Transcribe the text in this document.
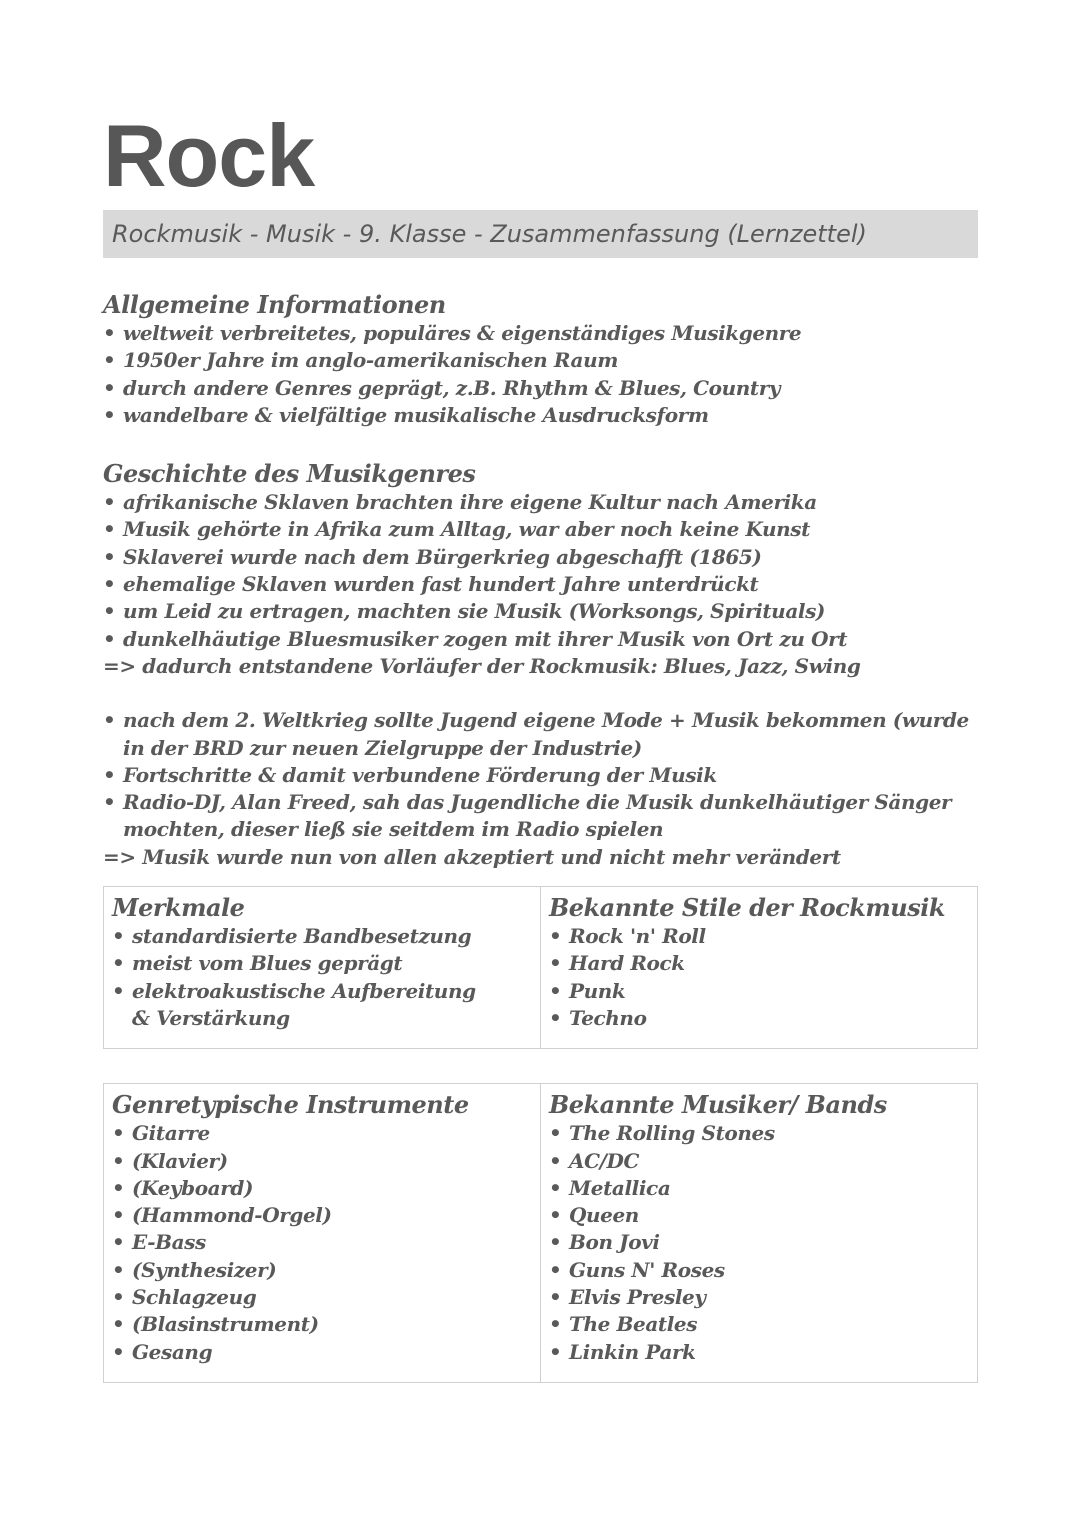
Rock
Rockmusik - Musik - 9. Klasse - Zusammenfassung (Lernzettel)
Allgemeine Informationen
• weltweit verbreitetes, populäres & eigenständiges Musikgenre
• 1950er Jahre im anglo-amerikanischen Raum
• durch andere Genres geprägt, z.B. Rhythm & Blues, Country
• wandelbare & vielfältige musikalische Ausdrucksform
Geschichte des Musikgenres
• afrikanische Sklaven brachten ihre eigene Kultur nach Amerika
• Musik gehörte in Afrika zum Alltag, war aber noch keine Kunst
• Sklaverei wurde nach dem Bürgerkrieg abgeschafft (1865)
• ehemalige Sklaven wurden fast hundert Jahre unterdrückt
• um Leid zu ertragen, machten sie Musik (Worksongs, Spirituals)
• dunkelhäutige Bluesmusiker zogen mit ihrer Musik von Ort zu Ort
=> dadurch entstandene Vorläufer der Rockmusik: Blues, Jazz, Swing
• nach dem 2. Weltkrieg sollte Jugend eigene Mode + Musik bekommen (wurde in der BRD zur neuen Zielgruppe der Industrie)
• Fortschritte & damit verbundene Förderung der Musik
• Radio-DJ, Alan Freed, sah das Jugendliche die Musik dunkelhäutiger Sänger mochten, dieser ließ sie seitdem im Radio spielen
=> Musik wurde nun von allen akzeptiert und nicht mehr verändert
Merkmale
• standardisierte Bandbesetzung
• meist vom Blues geprägt
• elektroakustische Aufbereitung & Verstärkung
Bekannte Stile der Rockmusik
• Rock 'n' Roll
• Hard Rock
• Punk
• Techno
Genretypische Instrumente
• Gitarre
• (Klavier)
• (Keyboard)
• (Hammond-Orgel)
• E-Bass
• (Synthesizer)
• Schlagzeug
• (Blasinstrument)
• Gesang
Bekannte Musiker/ Bands
• The Rolling Stones
• AC/DC
• Metallica
• Queen
• Bon Jovi
• Guns N' Roses
• Elvis Presley
• The Beatles
• Linkin Park
